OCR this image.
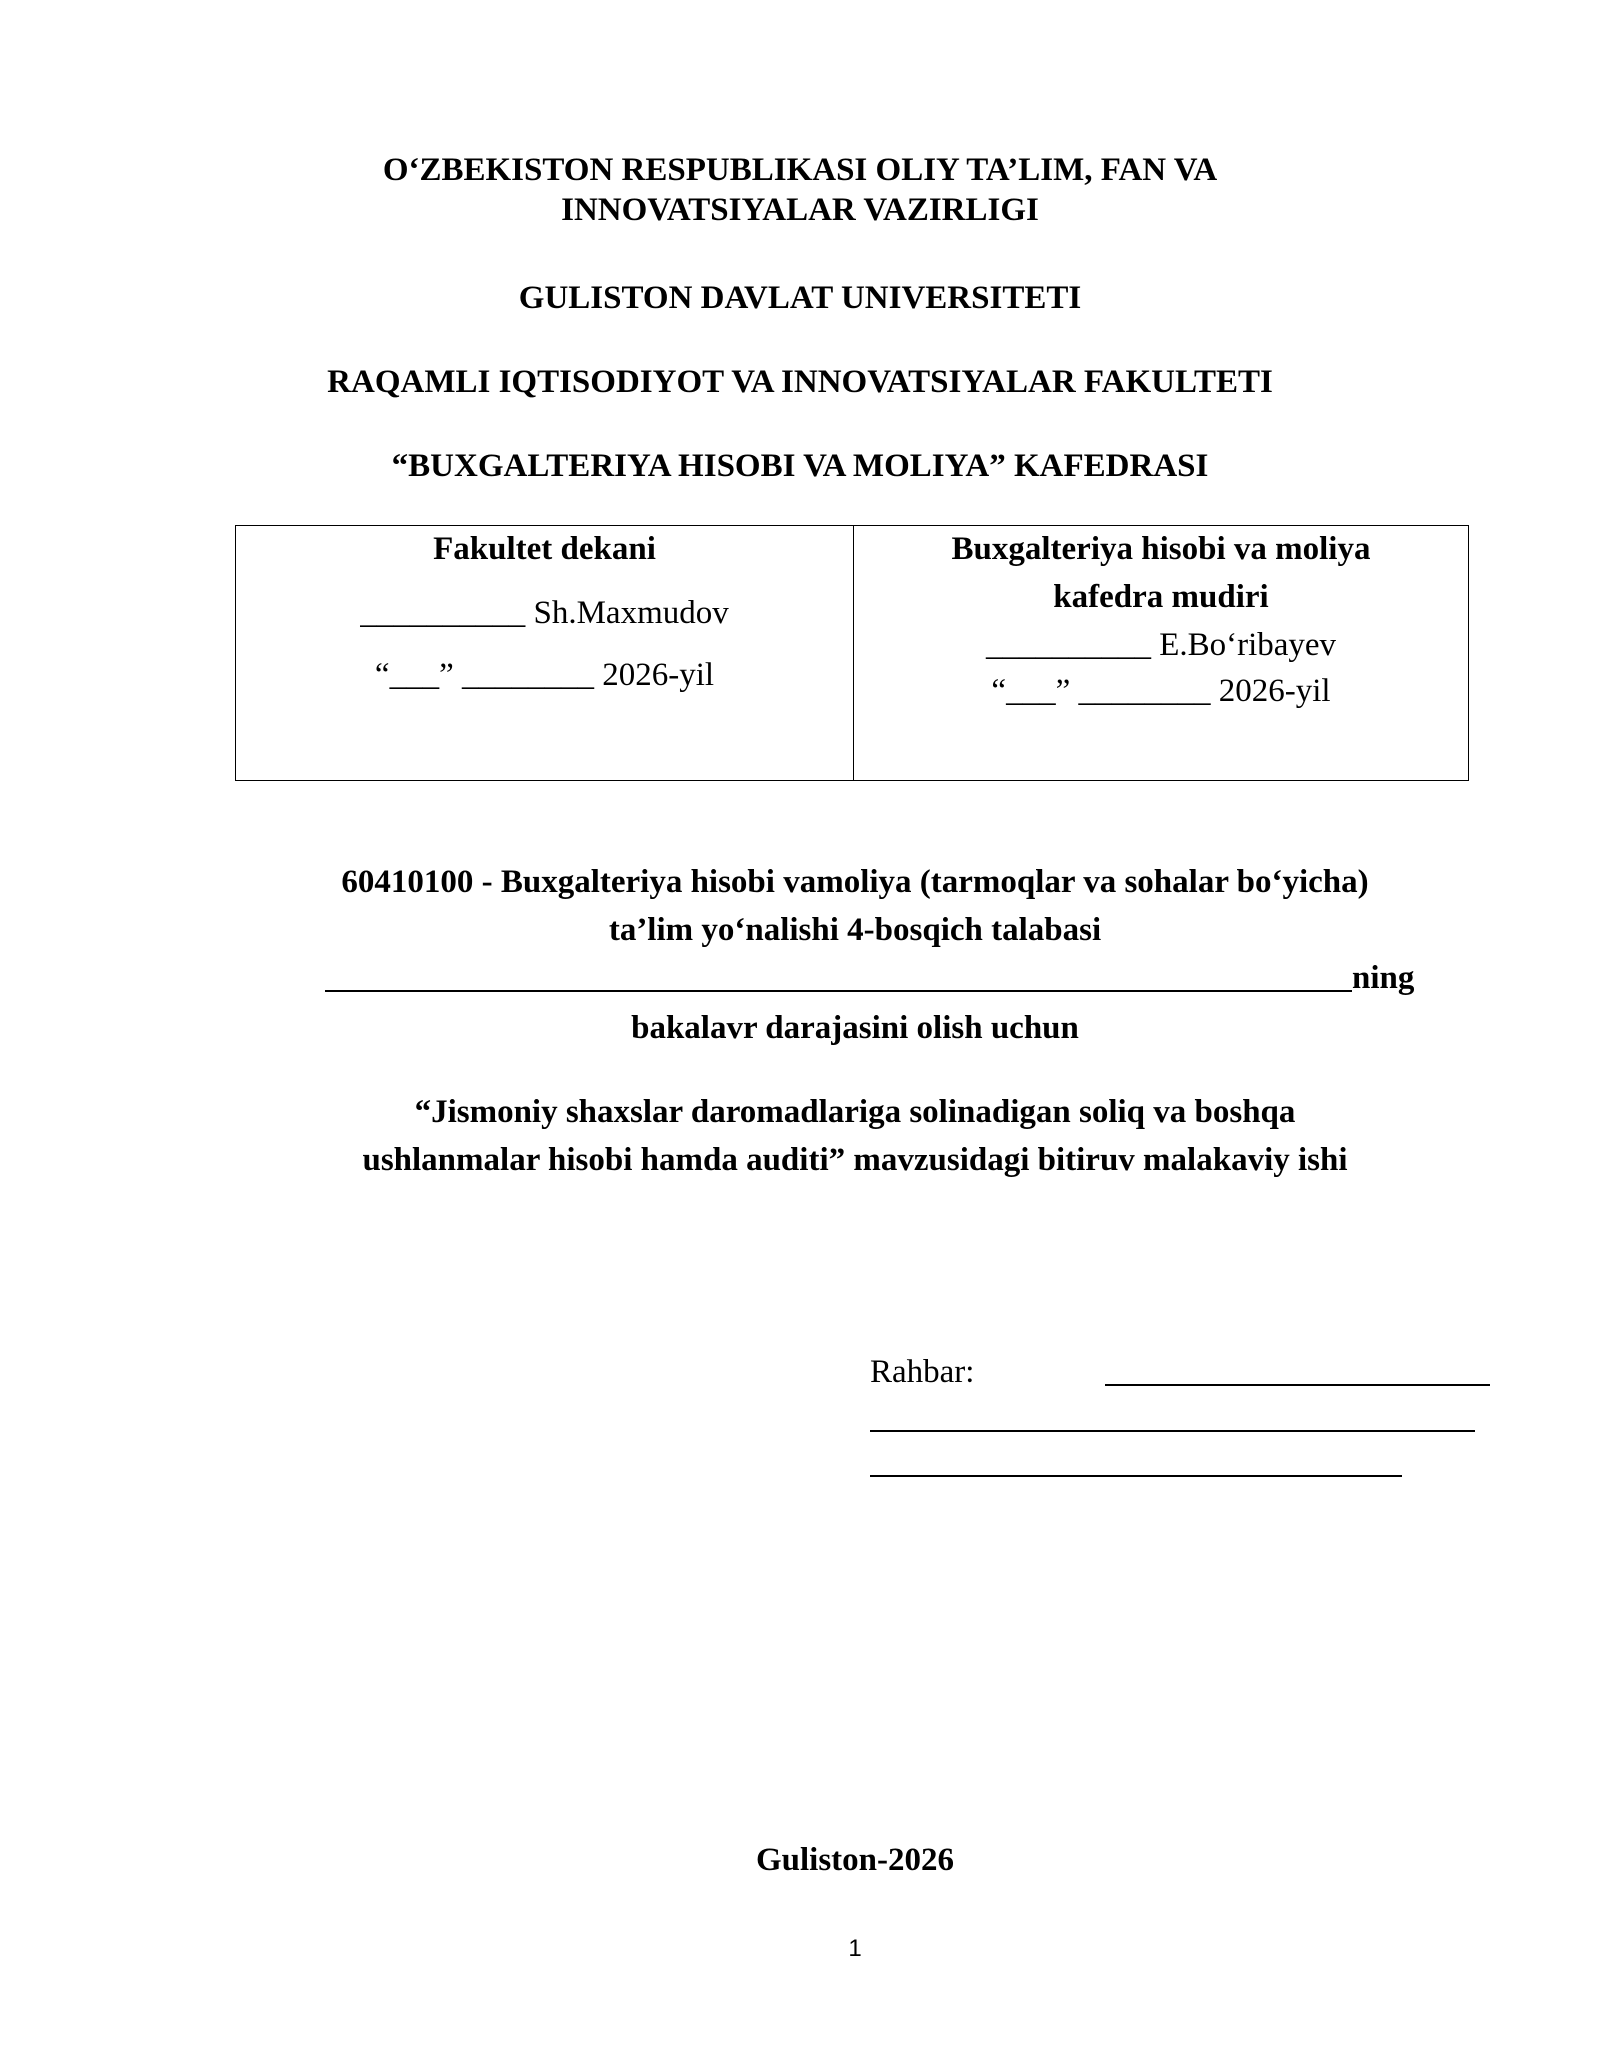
O‘ZBEKISTON RESPUBLIKASI OLIY TA’LIM, FAN VA
INNOVATSIYALAR VAZIRLIGI
GULISTON DAVLAT UNIVERSITETI
RAQAMLI IQTISODIYOT VA INNOVATSIYALAR FAKULTETI
“BUXGALTERIYA HISOBI VA MOLIYA” KAFEDRASI
Fakultet dekani
__________ Sh.Maxmudov
“___” ________ 2026-yil
Buxgalteriya hisobi va moliya
kafedra mudiri
__________ E.Bo‘ribayev
“___” ________ 2026-yil
60410100 - Buxgalteriya hisobi vamoliya (tarmoqlar va sohalar bo‘yicha)
ta’lim yo‘nalishi 4-bosqich talabasi
ning
bakalavr darajasini olish uchun
“Jismoniy shaxslar daromadlariga solinadigan soliq va boshqa
ushlanmalar hisobi hamda auditi” mavzusidagi bitiruv malakaviy ishi
Rahbar:
Guliston-2026
1
